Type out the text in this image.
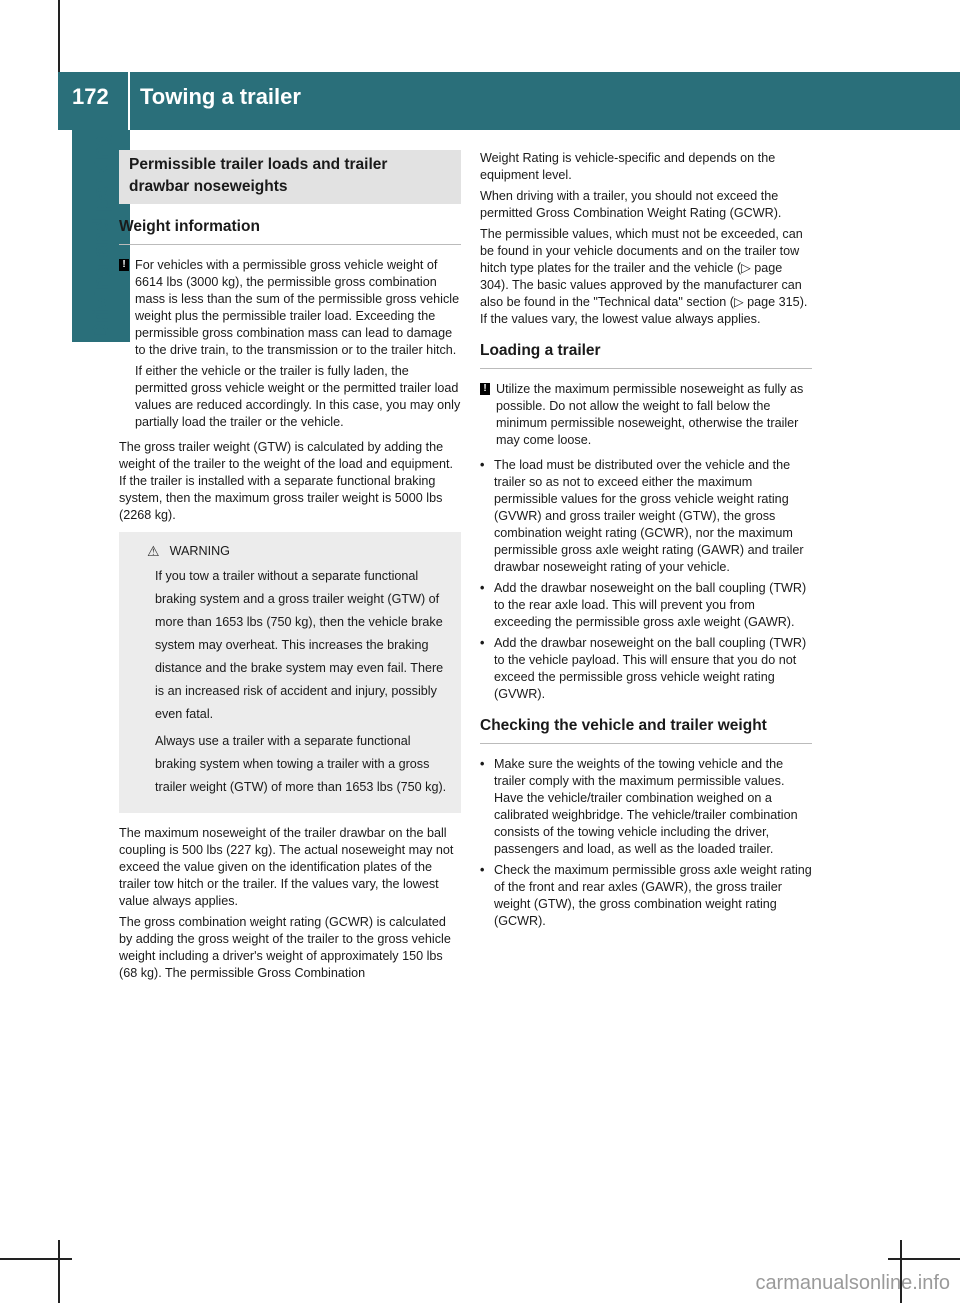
172 Towing a trailer
Driving and parking	Permissible trailer loads and trailer drawbar noseweights
Weight information
! For vehicles with a permissible gross vehicle weight of 6614 lbs (3000 kg), the permissible gross combination mass is less than the sum of the permissible gross vehicle weight plus the permissible trailer load. Exceeding the permissible gross combination mass can lead to damage to the drive train, to the transmission or to the trailer hitch.

If either the vehicle or the trailer is fully laden, the permitted gross vehicle weight or the permitted trailer load values are reduced accordingly. In this case, you may only partially load the trailer or the vehicle.

The gross trailer weight (GTW) is calculated by adding the weight of the trailer to the weight of the load and equipment. If the trailer is installed with a separate functional braking system, then the maximum gross trailer weight is 5000 lbs (2268 kg).

⚠ WARNING

If you tow a trailer without a separate functional braking system and a gross trailer weight (GTW) of more than 1653 lbs (750 kg), then the vehicle brake system may overheat. This increases the braking distance and the brake system may even fail. There is an increased risk of accident and injury, possibly even fatal.

Always use a trailer with a separate functional braking system when towing a trailer with a gross trailer weight (GTW) of more than 1653 lbs (750 kg).

The maximum noseweight of the trailer drawbar on the ball coupling is 500 lbs (227 kg). The actual noseweight may not exceed the value given on the identification plates of the trailer tow hitch or the trailer. If the values vary, the lowest value always applies.

The gross combination weight rating (GCWR) is calculated by adding the gross weight of the trailer to the gross vehicle weight including a driver's weight of approximately 150 lbs (68 kg). The permissible Gross Combination

Weight Rating is vehicle-specific and depends on the equipment level.

When driving with a trailer, you should not exceed the permitted Gross Combination Weight Rating (GCWR).

The permissible values, which must not be exceeded, can be found in your vehicle documents and on the trailer tow hitch type plates for the trailer and the vehicle (▷ page 304). The basic values approved by the manufacturer can also be found in the "Technical data" section (▷ page 315). If the values vary, the lowest value always applies.

Loading a trailer
! Utilize the maximum permissible noseweight as fully as possible. Do not allow the weight to fall below the minimum permissible noseweight, otherwise the trailer may come loose.

• The load must be distributed over the vehicle and the trailer so as not to exceed either the maximum permissible values for the gross vehicle weight rating (GVWR) and gross trailer weight (GTW), the gross combination weight rating (GCWR), nor the maximum permissible gross axle weight rating (GAWR) and trailer drawbar noseweight rating of your vehicle.
• Add the drawbar noseweight on the ball coupling (TWR) to the rear axle load. This will prevent you from exceeding the permissible gross axle weight (GAWR).
• Add the drawbar noseweight on the ball coupling (TWR) to the vehicle payload. This will ensure that you do not exceed the permissible gross vehicle weight rating (GVWR).
Checking the vehicle and trailer weight
• Make sure the weights of the towing vehicle and the trailer comply with the maximum permissible values. Have the vehicle/trailer combination weighed on a calibrated weighbridge. The vehicle/trailer combination consists of the towing vehicle including the driver, passengers and load, as well as the loaded trailer.
• Check the maximum permissible gross axle weight rating of the front and rear axles (GAWR), the gross trailer weight (GTW), the gross combination weight rating (GCWR).
carmanualsonline.info
